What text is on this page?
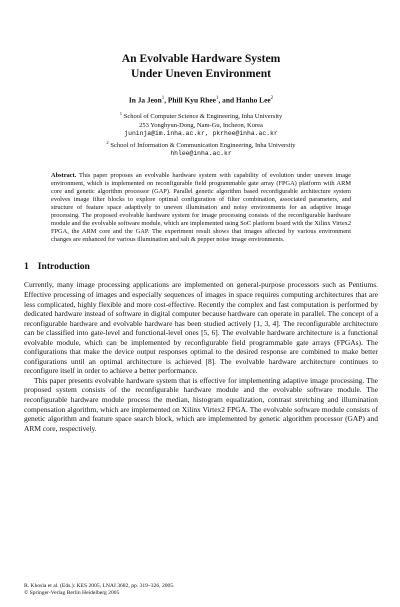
An Evolvable Hardware System
Under Uneven Environment
In Ja Jeon$^1$, Phill Kyu Rhee$^1$, and Hanho Lee$^2$
$^1$ School of Computer Science & Engineering, Inha University
253 Yonghyun-Dong, Nam-Gu, Incheon, Korea
juninja@im.inha.ac.kr, pkrhee@inha.ac.kr
$^2$ School of Information & Communication Engineering, Inha University
hhlee@inha.ac.kr
Abstract. This paper proposes an evolvable hardware system with capability of evolution under uneven image environment, which is implemented on reconfigurable field programmable gate array (FPGA) platform with ARM core and genetic algorithm processor (GAP). Parallel genetic algorithm based reconfigurable architecture system evolves image filter blocks to explore optimal configuration of filter combination, associated parameters, and structure of feature space adaptively to uneven illumination and noisy environments for an adaptive image processing. The proposed evolvable hardware system for image processing consists of the reconfigurable hardware module and the evolvable software module, which are implemented using SoC platform board with the Xilinx Virtex2 FPGA, the ARM core and the GAP. The experiment result shows that images affected by various environment changes are enhanced for various illumination and salt & pepper noise image environments.
1 Introduction

Currently, many image processing applications are implemented on general-purpose processors such as Pentiums. Effective processing of images and especially sequences of images in space requires computing architectures that are less complicated, highly flexible and more cost-effective. Recently the complex and fast computation is performed by dedicated hardware instead of software in digital computer because hardware can operate in parallel. The concept of a reconfigurable hardware and evolvable hardware has been studied actively [1, 3, 4]. The reconfigurable architecture can be classified into gate-level and functional-level ones [5, 6]. The evolvable hardware architecture is a functional evolvable module, which can be implemented by reconfigurable field programmable gate arrays (FPGAs). The configurations that make the device output responses optimal to the desired response are combined to make better configurations until an optimal architecture is achieved [8]. The evolvable hardware architecture continues to reconfigure itself in order to achieve a better performance.

This paper presents evolvable hardware system that is effective for implementing adaptive image processing. The proposed system consists of the reconfigurable hardware module and the evolvable software module. The reconfigurable hardware module process the median, histogram equalization, contrast stretching and illumination compensation algorithm, which are implemented on Xilinx Virtex2 FPGA. The evolvable software module consists of genetic algorithm and feature space search block, which are implemented by genetic algorithm processor (GAP) and ARM core, respectively.

R. Khosla et al. (Eds.): KES 2005, LNAI 3682, pp. 319–326, 2005.
© Springer-Verlag Berlin Heidelberg 2005
